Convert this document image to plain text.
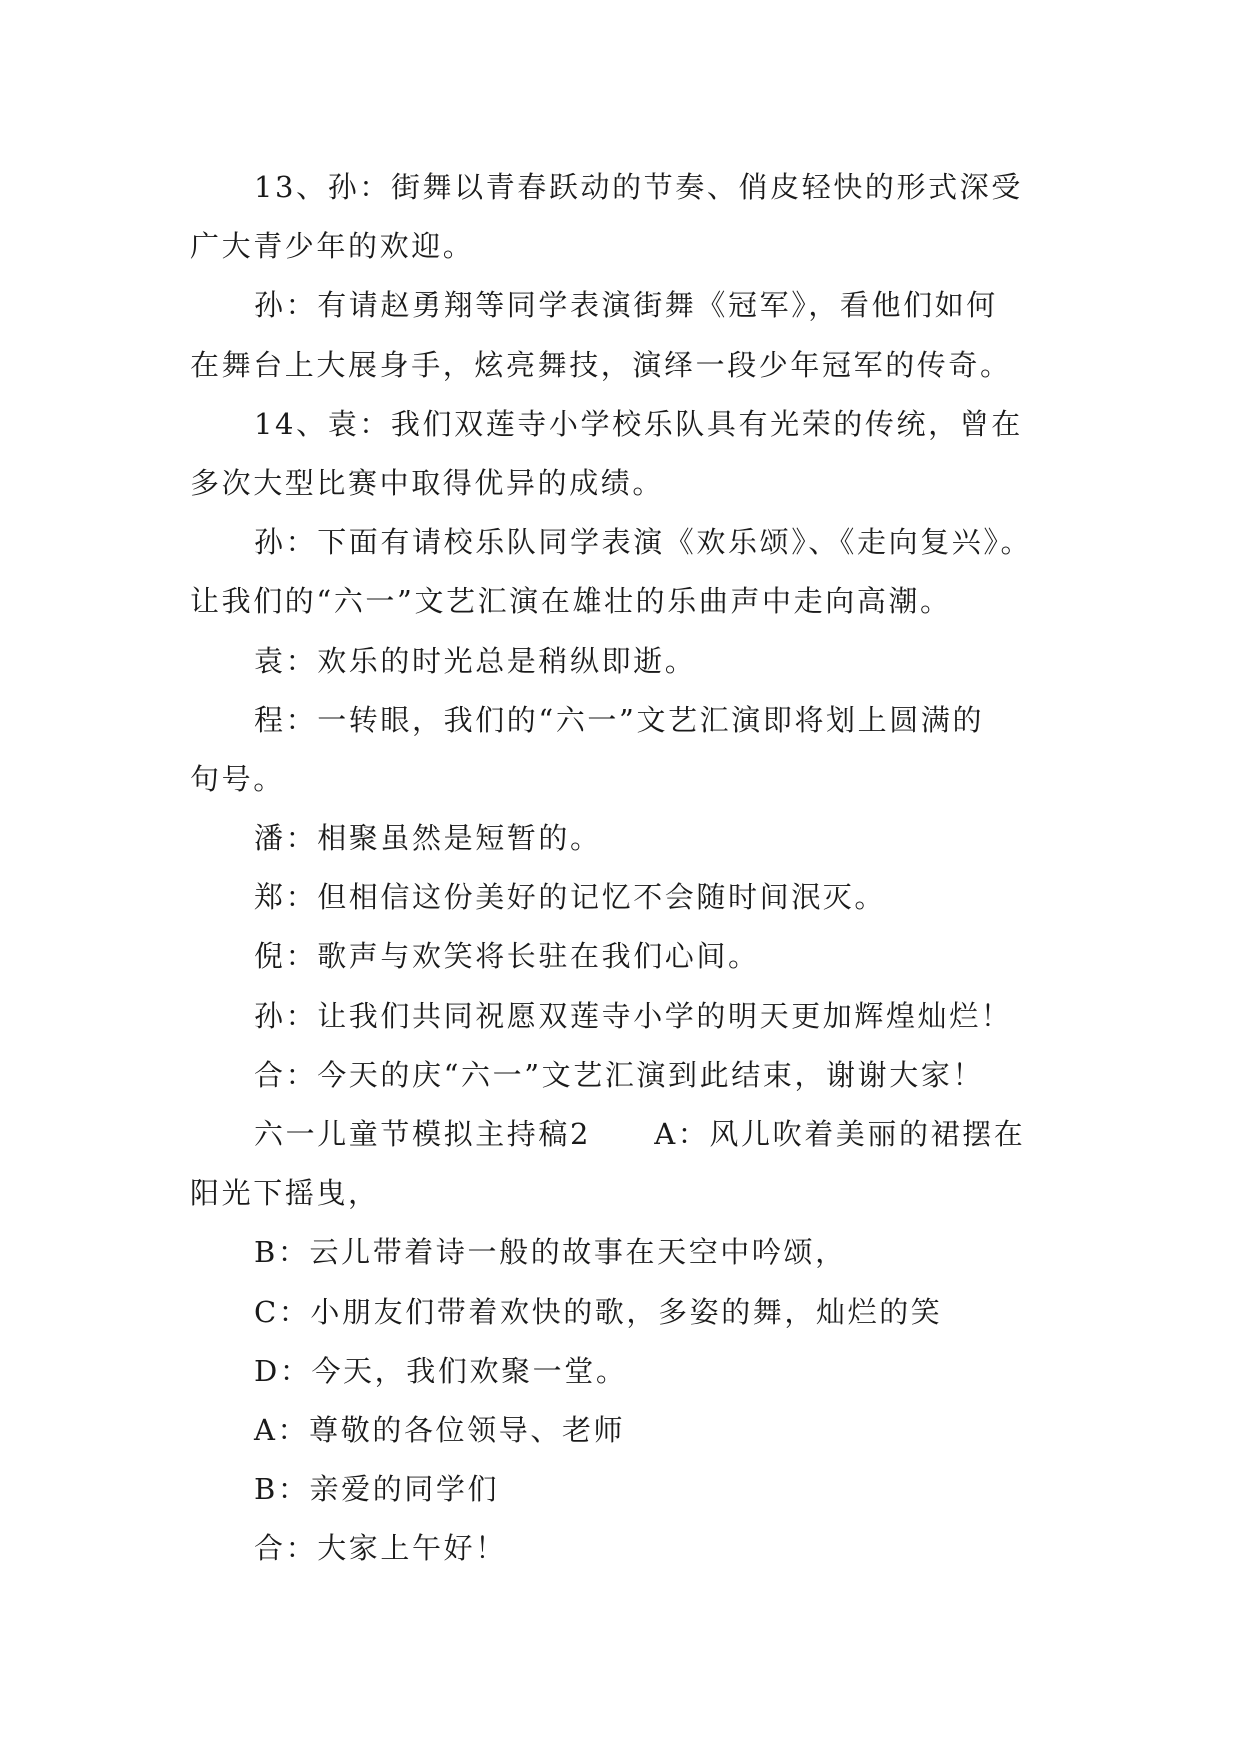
13、孙：街舞以青春跃动的节奏、俏皮轻快的形式深受
广大青少年的欢迎。
孙：有请赵勇翔等同学表演街舞《冠军》，看他们如何
在舞台上大展身手，炫亮舞技，演绎一段少年冠军的传奇。
14、袁：我们双莲寺小学校乐队具有光荣的传统，曾在
多次大型比赛中取得优异的成绩。
孙：下面有请校乐队同学表演《欢乐颂》、《走向复兴》。
让我们的“六一”文艺汇演在雄壮的乐曲声中走向高潮。
袁：欢乐的时光总是稍纵即逝。
程：一转眼，我们的“六一”文艺汇演即将划上圆满的
句号。
潘：相聚虽然是短暂的。
郑：但相信这份美好的记忆不会随时间泯灭。
倪：歌声与欢笑将长驻在我们心间。
孙：让我们共同祝愿双莲寺小学的明天更加辉煌灿烂！
合：今天的庆“六一”文艺汇演到此结束，谢谢大家！
六一儿童节模拟主持稿2　　A：风儿吹着美丽的裙摆在
阳光下摇曳，
B：云儿带着诗一般的故事在天空中吟颂，
C：小朋友们带着欢快的歌，多姿的舞，灿烂的笑
D：今天，我们欢聚一堂。
A：尊敬的各位领导、老师
B：亲爱的同学们
合：大家上午好！
